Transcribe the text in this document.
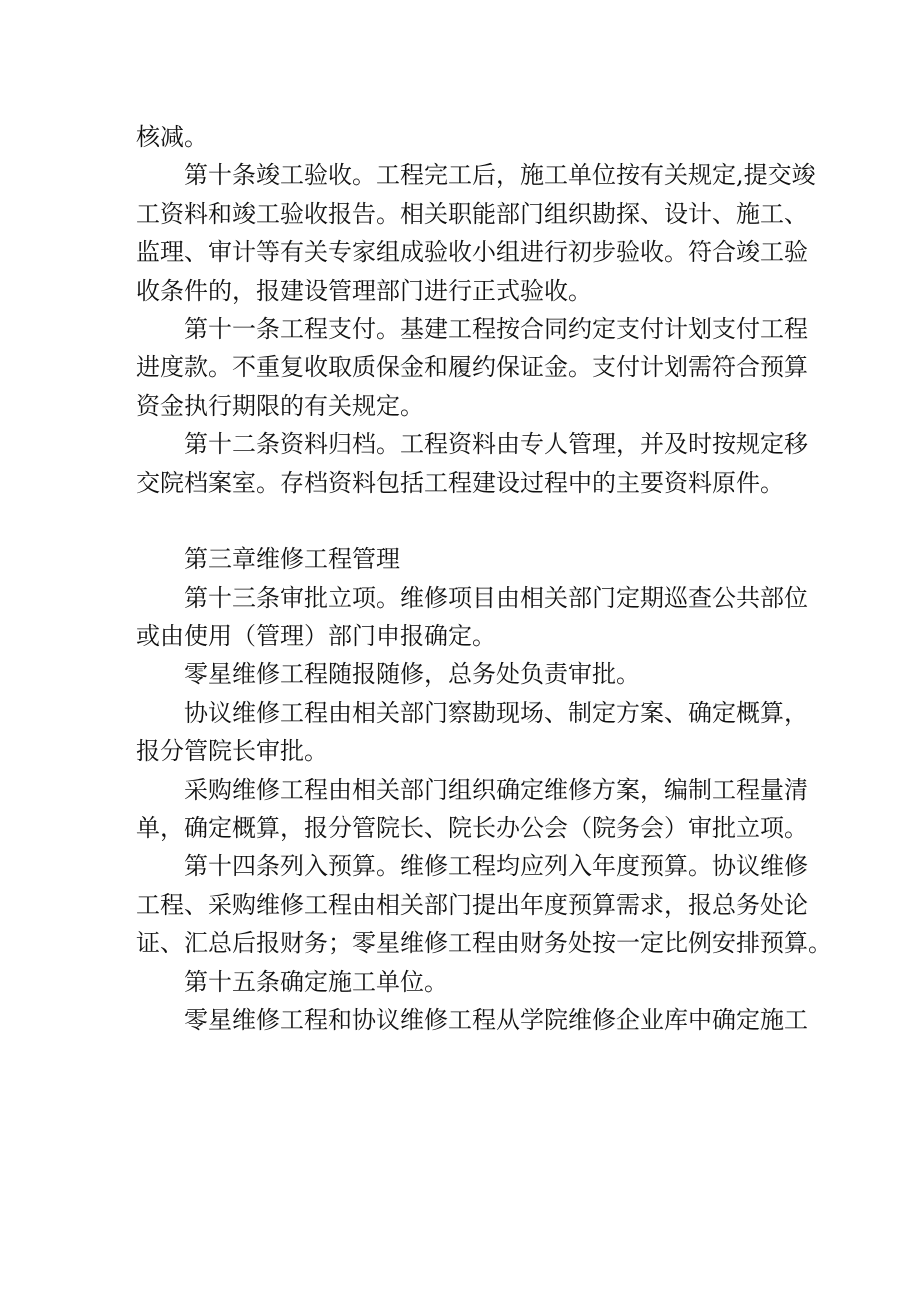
核减。
第十条竣工验收。工程完工后，施工单位按有关规定,提交竣
工资料和竣工验收报告。相关职能部门组织勘探、设计、施工、
监理、审计等有关专家组成验收小组进行初步验收。符合竣工验
收条件的，报建设管理部门进行正式验收。
第十一条工程支付。基建工程按合同约定支付计划支付工程
进度款。不重复收取质保金和履约保证金。支付计划需符合预算
资金执行期限的有关规定。
第十二条资料归档。工程资料由专人管理，并及时按规定移
交院档案室。存档资料包括工程建设过程中的主要资料原件。
第三章维修工程管理
第十三条审批立项。维修项目由相关部门定期巡查公共部位
或由使用（管理）部门申报确定。
零星维修工程随报随修，总务处负责审批。
协议维修工程由相关部门察勘现场、制定方案、确定概算，
报分管院长审批。
采购维修工程由相关部门组织确定维修方案，编制工程量清
单，确定概算，报分管院长、院长办公会（院务会）审批立项。
第十四条列入预算。维修工程均应列入年度预算。协议维修
工程、采购维修工程由相关部门提出年度预算需求，报总务处论
证、汇总后报财务；零星维修工程由财务处按一定比例安排预算。
第十五条确定施工单位。
零星维修工程和协议维修工程从学院维修企业库中确定施工
